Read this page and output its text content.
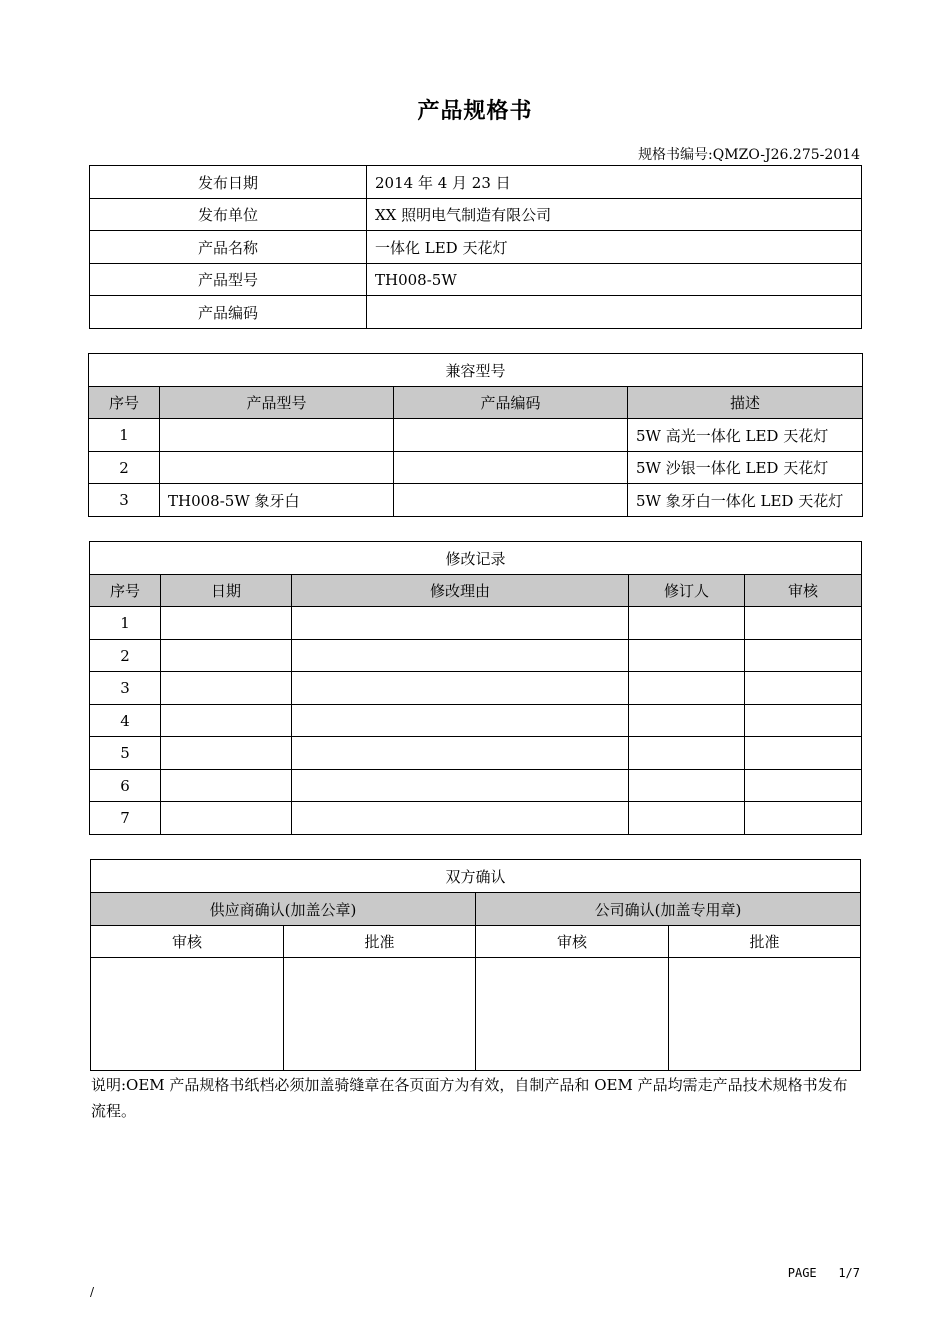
产品规格书
规格书编号:QMZO-J26.275-2014
发布日期	2014 年 4 月 23 日
发布单位	XX 照明电气制造有限公司
产品名称	一体化 LED 天花灯
产品型号	TH008-5W
产品编码	
兼容型号			
序号	产品型号	产品编码	描述
1			5W 高光一体化 LED 天花灯
2			5W 沙银一体化 LED 天花灯
3	TH008-5W 象牙白		5W 象牙白一体化 LED 天花灯
修改记录				
序号	日期	修改理由	修订人	审核
1				
2				
3				
4				
5				
6				
7				
双方确认			
供应商确认(加盖公章)		公司确认(加盖专用章)	
审核	批准	审核	批准

说明:OEM 产品规格书纸档必须加盖骑缝章在各页面方为有效，自制产品和 OEM 产品均需走产品技术规格书发布流程。
PAGE   1/7
/
